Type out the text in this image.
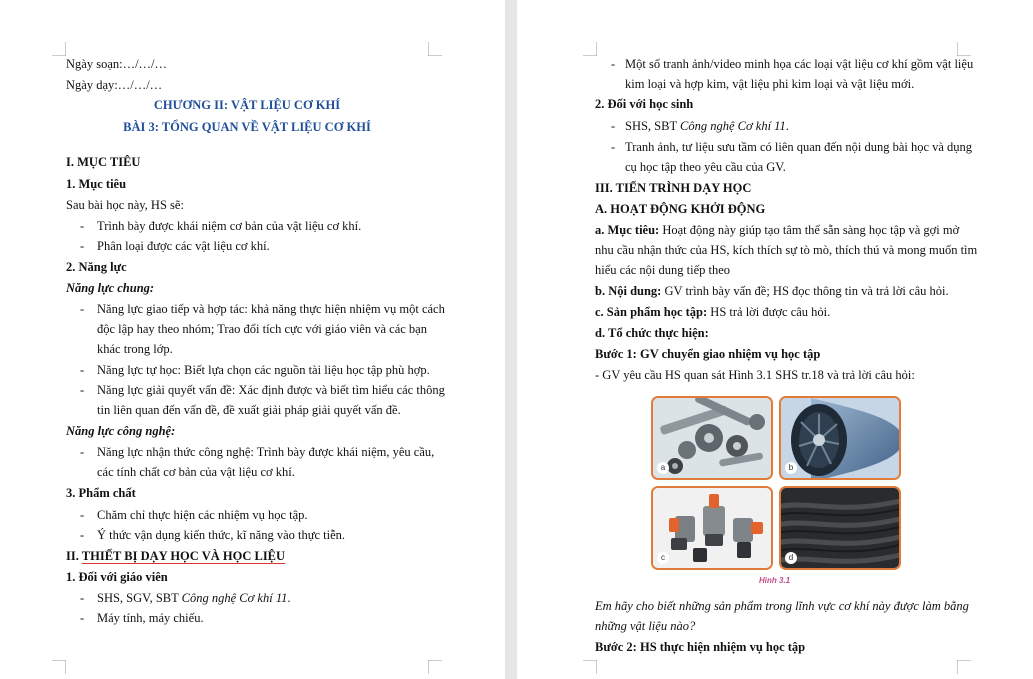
Ngày soạn:…/…/…
Ngày dạy:…/…/…
CHƯƠNG II: VẬT LIỆU CƠ KHÍ
BÀI 3: TỔNG QUAN VỀ VẬT LIỆU CƠ KHÍ
I. MỤC TIÊU
1. Mục tiêu
Sau bài học này, HS sẽ:
- Trình bày được khái niệm cơ bản của vật liệu cơ khí.
- Phân loại được các vật liệu cơ khí.
2. Năng lực
Năng lực chung:
- Năng lực giao tiếp và hợp tác: khả năng thực hiện nhiệm vụ một cách
độc lập hay theo nhóm; Trao đổi tích cực với giáo viên và các bạn
khác trong lớp.
- Năng lực tự học: Biết lựa chọn các nguồn tài liệu học tập phù hợp.
- Năng lực giải quyết vấn đề: Xác định được và biết tìm hiểu các thông
tin liên quan đến vấn đề, đề xuất giải pháp giải quyết vấn đề.
Năng lực công nghệ:
- Năng lực nhận thức công nghệ: Trình bày được khái niệm, yêu cầu,
các tính chất cơ bản của vật liệu cơ khí.
3. Phẩm chất
- Chăm chỉ thực hiện các nhiệm vụ học tập.
- Ý thức vận dụng kiến thức, kĩ năng vào thực tiễn.
II. THIẾT BỊ DẠY HỌC VÀ HỌC LIỆU
1. Đối với giáo viên
- SHS, SGV, SBT Công nghệ Cơ khí 11.
- Máy tính, máy chiếu.
- Một số tranh ảnh/video minh họa các loại vật liệu cơ khí gồm vật liệu
kim loại và hợp kim, vật liệu phi kim loại và vật liệu mới.
2. Đối với học sinh
- SHS, SBT Công nghệ Cơ khí 11.
- Tranh ảnh, tư liệu sưu tầm có liên quan đến nội dung bài học và dụng
cụ học tập theo yêu cầu của GV.
III. TIẾN TRÌNH DẠY HỌC
A. HOẠT ĐỘNG KHỞI ĐỘNG
a. Mục tiêu: Hoạt động này giúp tạo tâm thế sẵn sàng học tập và gợi mở
nhu cầu nhận thức của HS, kích thích sự tò mò, thích thú và mong muốn tìm
hiểu các nội dung tiếp theo
b. Nội dung: GV trình bày vấn đề; HS đọc thông tin và trả lời câu hỏi.
c. Sản phẩm học tập: HS trả lời được câu hỏi.
d. Tổ chức thực hiện:
Bước 1: GV chuyển giao nhiệm vụ học tập
- GV yêu cầu HS quan sát Hình 3.1 SHS tr.18 và trả lời câu hỏi:
a	b
c	d
Hình 3.1
Em hãy cho biết những sản phẩm trong lĩnh vực cơ khí này được làm bằng
những vật liệu nào?
Bước 2: HS thực hiện nhiệm vụ học tập
